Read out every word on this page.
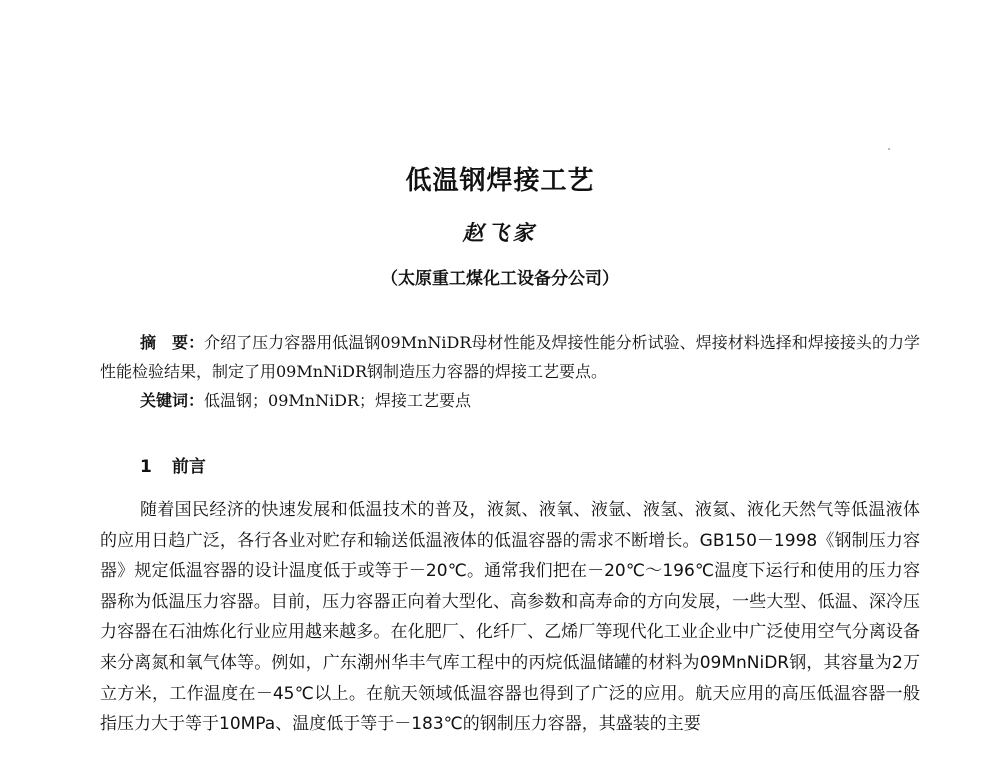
低温钢焊接工艺
赵飞家
（太原重工煤化工设备分公司）

摘　要：介绍了压力容器用低温钢09MnNiDR母材性能及焊接性能分析试验、焊接材料选择和焊接接头的力学性能检验结果，制定了用09MnNiDR钢制造压力容器的焊接工艺要点。

关键词：低温钢；09MnNiDR；焊接工艺要点

1 前言

随着国民经济的快速发展和低温技术的普及，液氮、液氧、液氩、液氢、液氦、液化天然气等低温液体的应用日趋广泛，各行各业对贮存和输送低温液体的低温容器的需求不断增长。GB150－1998《钢制压力容器》规定低温容器的设计温度低于或等于－20℃。通常我们把在－20℃～196℃温度下运行和使用的压力容器称为低温压力容器。目前，压力容器正向着大型化、高参数和高寿命的方向发展，一些大型、低温、深冷压力容器在石油炼化行业应用越来越多。在化肥厂、化纤厂、乙烯厂等现代化工业企业中广泛使用空气分离设备来分离氮和氧气体等。例如，广东潮州华丰气库工程中的丙烷低温储罐的材料为09MnNiDR钢，其容量为2万立方米，工作温度在－45℃以上。在航天领域低温容器也得到了广泛的应用。航天应用的高压低温容器一般指压力大于等于10MPa、温度低于等于－183℃的钢制压力容器，其盛装的主要
